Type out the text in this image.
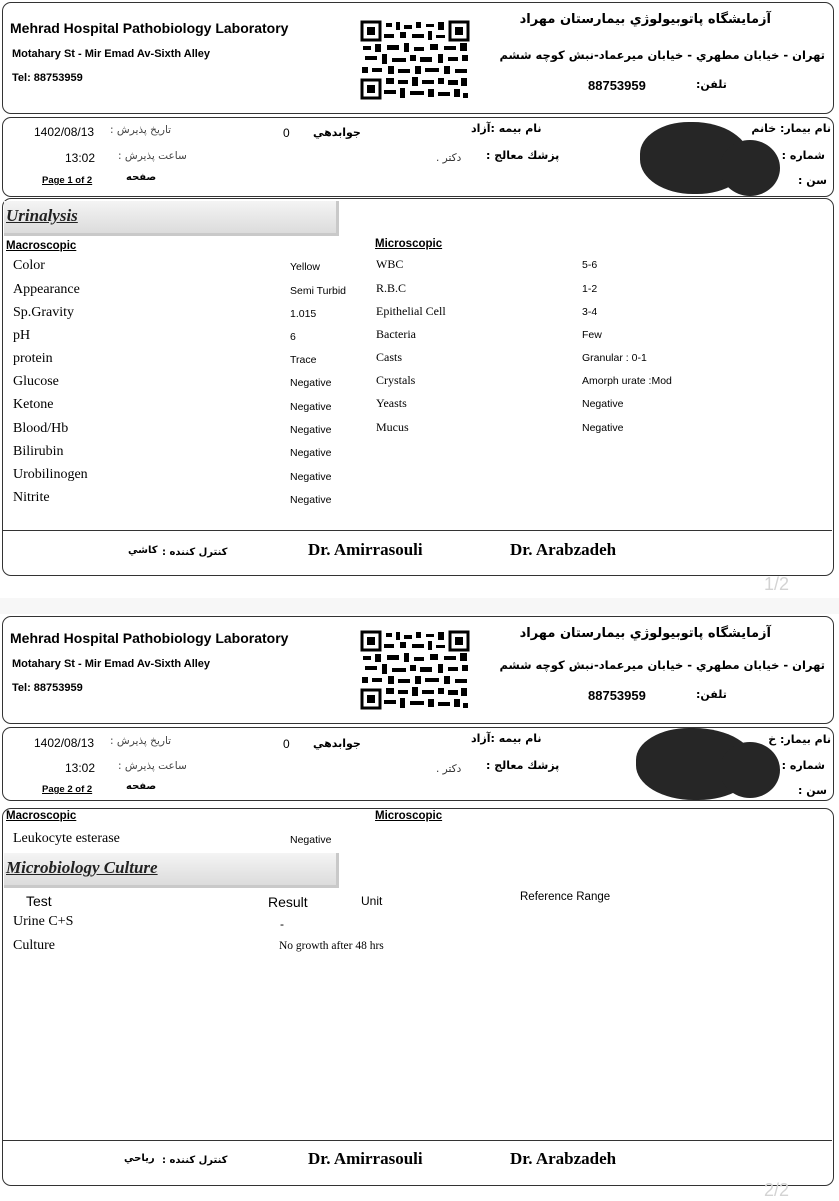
Mehrad Hospital Pathobiology Laboratory
Motahary St - Mir Emad Av-Sixth Alley
Tel: 88753959
آزمايشگاه پاتوبيولوژي بيمارستان مهراد
تهران - خيابان مطهري - خيابان ميرعماد-نبش كوچه ششم
تلفن:
88753959
تاريخ پذيرش :
1402/08/13	جوابدهي
0	نام بيمه :آزاد	نام بيمار: خانم
ساعت پذيرش :
13:02	دكتر . پزشك معالج :	شماره :
Page 1 of 2	صفحه	سن :
Urinalysis
Macroscopic	Microscopic
Color	Yellow
Appearance	Semi Turbid
Sp.Gravity	1.015
pH	6
protein	Trace
Glucose	Negative
Ketone	Negative
Blood/Hb	Negative
Bilirubin	Negative
Urobilinogen	Negative
Nitrite	Negative
WBC	5-6
R.B.C	1-2
Epithelial Cell	3-4
Bacteria	Few
Casts	Granular : 0-1
Crystals	Amorph urate :Mod
Yeasts	Negative
Mucus	Negative
كاشي كنترل كننده :	Dr. Amirrasouli	Dr. Arabzadeh
1/2
Mehrad Hospital Pathobiology Laboratory
Motahary St - Mir Emad Av-Sixth Alley
Tel: 88753959
آزمايشگاه پاتوبيولوژي بيمارستان مهراد
تهران - خيابان مطهري - خيابان ميرعماد-نبش كوچه ششم
تلفن:
88753959
تاريخ پذيرش :
1402/08/13	جوابدهي
0	نام بيمه :آزاد	نام بيمار: خ
ساعت پذيرش :
13:02	دكتر . پزشك معالج :	شماره :
Page 2 of 2	صفحه	سن :
Macroscopic	Microscopic
Leukocyte esterase	Negative
Microbiology Culture
Test	Result	Unit	Reference Range
Urine C+S	-
Culture	No growth after 48 hrs
رياحي كنترل كننده :	Dr. Amirrasouli	Dr. Arabzadeh
2/2
